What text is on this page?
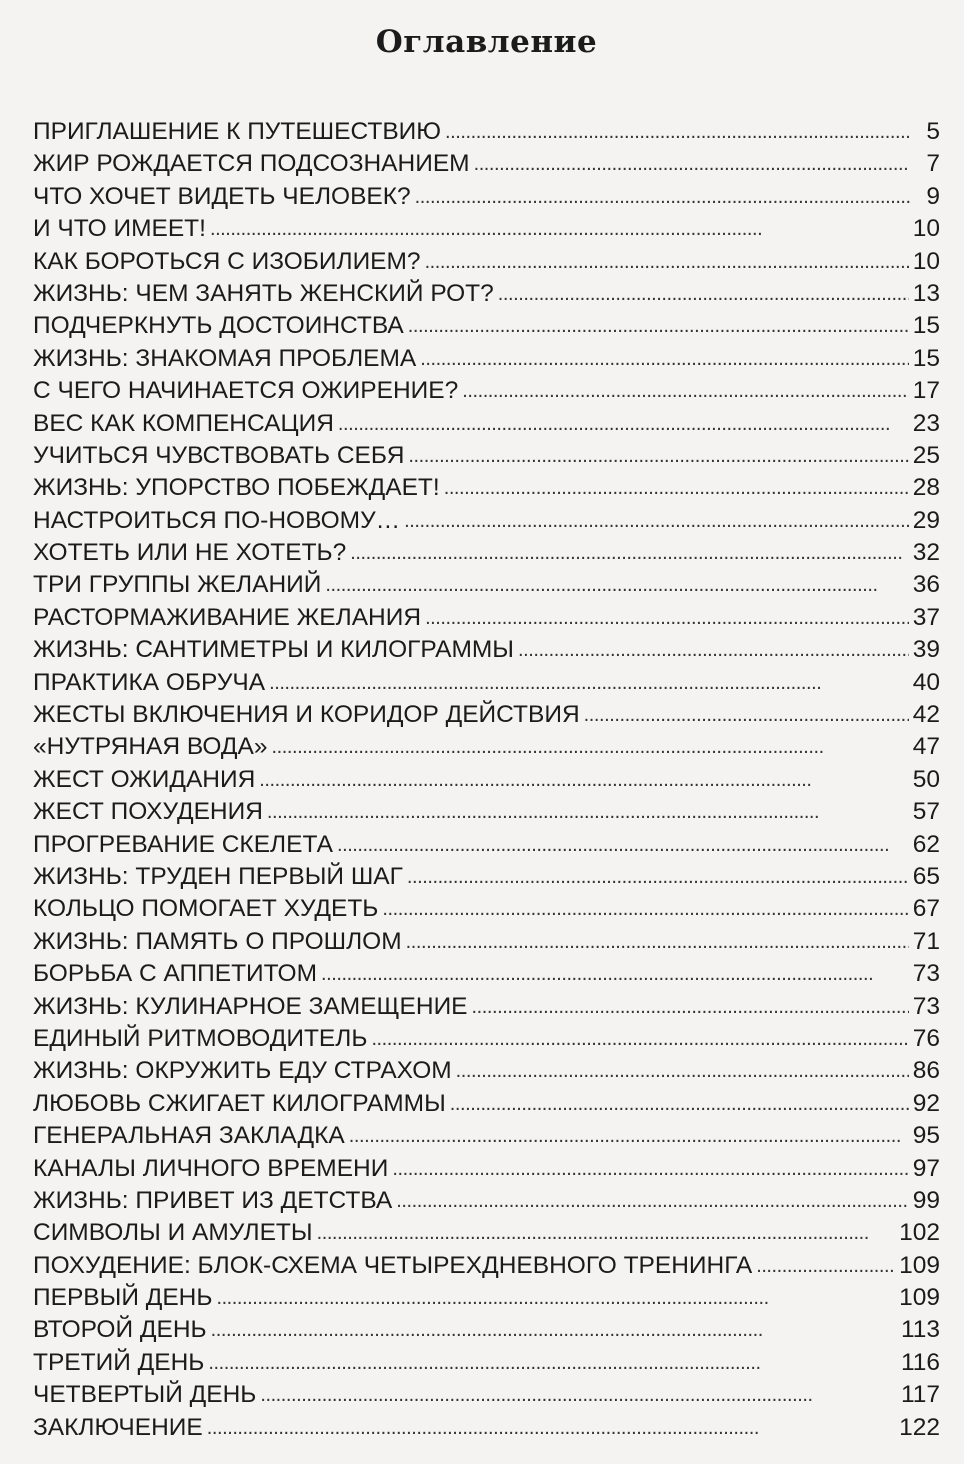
Оглавление
ПРИГЛАШЕНИЕ К ПУТЕШЕСТВИЮ . . .	5
ЖИР РОЖДАЕТСЯ ПОДСОЗНАНИЕМ . . .	7
ЧТО ХОЧЕТ ВИДЕТЬ ЧЕЛОВЕК? . . .	9
И ЧТО ИМЕЕТ! . . .	10
КАК БОРОТЬСЯ С ИЗОБИЛИЕМ? . . .	10
ЖИЗНЬ: ЧЕМ ЗАНЯТЬ ЖЕНСКИЙ РОТ? . . .	13
ПОДЧЕРКНУТЬ ДОСТОИНСТВА . . .	15
ЖИЗНЬ: ЗНАКОМАЯ ПРОБЛЕМА . . .	15
С ЧЕГО НАЧИНАЕТСЯ ОЖИРЕНИЕ? . . .	17
ВЕС КАК КОМПЕНСАЦИЯ . . .	23
УЧИТЬСЯ ЧУВСТВОВАТЬ СЕБЯ . . .	25
ЖИЗНЬ: УПОРСТВО ПОБЕЖДАЕТ! . . .	28
НАСТРОИТЬСЯ ПО-НОВОМУ… . . .	29
ХОТЕТЬ ИЛИ НЕ ХОТЕТЬ? . . .	32
ТРИ ГРУППЫ ЖЕЛАНИЙ . . .	36
РАСТОРМАЖИВАНИЕ ЖЕЛАНИЯ . . .	37
ЖИЗНЬ: САНТИМЕТРЫ И КИЛОГРАММЫ . . .	39
ПРАКТИКА ОБРУЧА . . .	40
ЖЕСТЫ ВКЛЮЧЕНИЯ И КОРИДОР ДЕЙСТВИЯ . . .	42
«НУТРЯНАЯ ВОДА» . . .	47
ЖЕСТ ОЖИДАНИЯ . . .	50
ЖЕСТ ПОХУДЕНИЯ . . .	57
ПРОГРЕВАНИЕ СКЕЛЕТА . . .	62
ЖИЗНЬ: ТРУДЕН ПЕРВЫЙ ШАГ . . .	65
КОЛЬЦО ПОМОГАЕТ ХУДЕТЬ . . .	67
ЖИЗНЬ: ПАМЯТЬ О ПРОШЛОМ . . .	71
БОРЬБА С АППЕТИТОМ . . .	73
ЖИЗНЬ: КУЛИНАРНОЕ ЗАМЕЩЕНИЕ . . .	73
ЕДИНЫЙ РИТМОВОДИТЕЛЬ . . .	76
ЖИЗНЬ: ОКРУЖИТЬ ЕДУ СТРАХОМ . . .	86
ЛЮБОВЬ СЖИГАЕТ КИЛОГРАММЫ . . .	92
ГЕНЕРАЛЬНАЯ ЗАКЛАДКА . . .	95
КАНАЛЫ ЛИЧНОГО ВРЕМЕНИ . . .	97
ЖИЗНЬ: ПРИВЕТ ИЗ ДЕТСТВА . . .	99
СИМВОЛЫ И АМУЛЕТЫ . . .	102
ПОХУДЕНИЕ: БЛОК-СХЕМА ЧЕТЫРЕХДНЕВНОГО ТРЕНИНГА . . .	109
ПЕРВЫЙ ДЕНЬ . . .	109
ВТОРОЙ ДЕНЬ . . .	113
ТРЕТИЙ ДЕНЬ . . .	116
ЧЕТВЕРТЫЙ ДЕНЬ . . .	117
ЗАКЛЮЧЕНИЕ . . .	122
